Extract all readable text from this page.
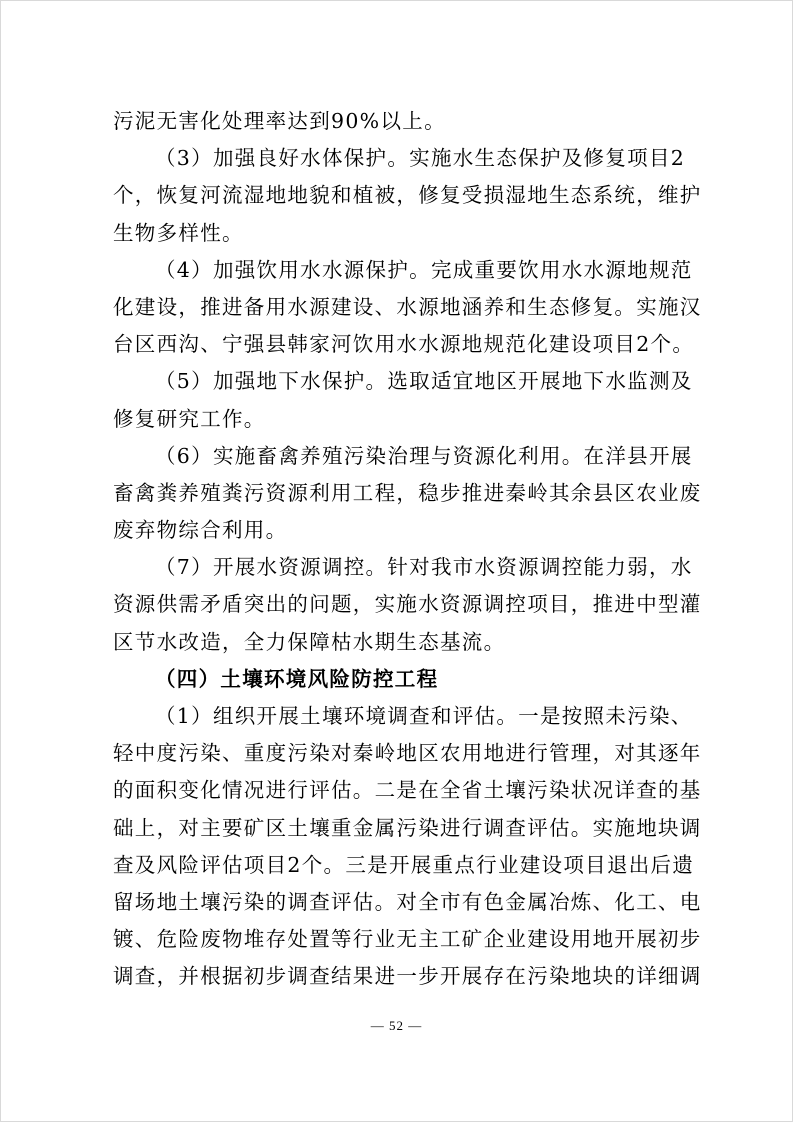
污泥无害化处理率达到90%以上。
（3）加强良好水体保护。实施水生态保护及修复项目2
个，恢复河流湿地地貌和植被，修复受损湿地生态系统，维护
生物多样性。
（4）加强饮用水水源保护。完成重要饮用水水源地规范
化建设，推进备用水源建设、水源地涵养和生态修复。实施汉
台区西沟、宁强县韩家河饮用水水源地规范化建设项目2个。
（5）加强地下水保护。选取适宜地区开展地下水监测及
修复研究工作。
（6）实施畜禽养殖污染治理与资源化利用。在洋县开展
畜禽粪养殖粪污资源利用工程，稳步推进秦岭其余县区农业废
废弃物综合利用。
（7）开展水资源调控。针对我市水资源调控能力弱，水
资源供需矛盾突出的问题，实施水资源调控项目，推进中型灌
区节水改造，全力保障枯水期生态基流。
（四）土壤环境风险防控工程
（1）组织开展土壤环境调查和评估。一是按照未污染、
轻中度污染、重度污染对秦岭地区农用地进行管理，对其逐年
的面积变化情况进行评估。二是在全省土壤污染状况详查的基
础上，对主要矿区土壤重金属污染进行调查评估。实施地块调
查及风险评估项目2个。三是开展重点行业建设项目退出后遗
留场地土壤污染的调查评估。对全市有色金属冶炼、化工、电
镀、危险废物堆存处置等行业无主工矿企业建设用地开展初步
调查，并根据初步调查结果进一步开展存在污染地块的详细调
— 52 —
